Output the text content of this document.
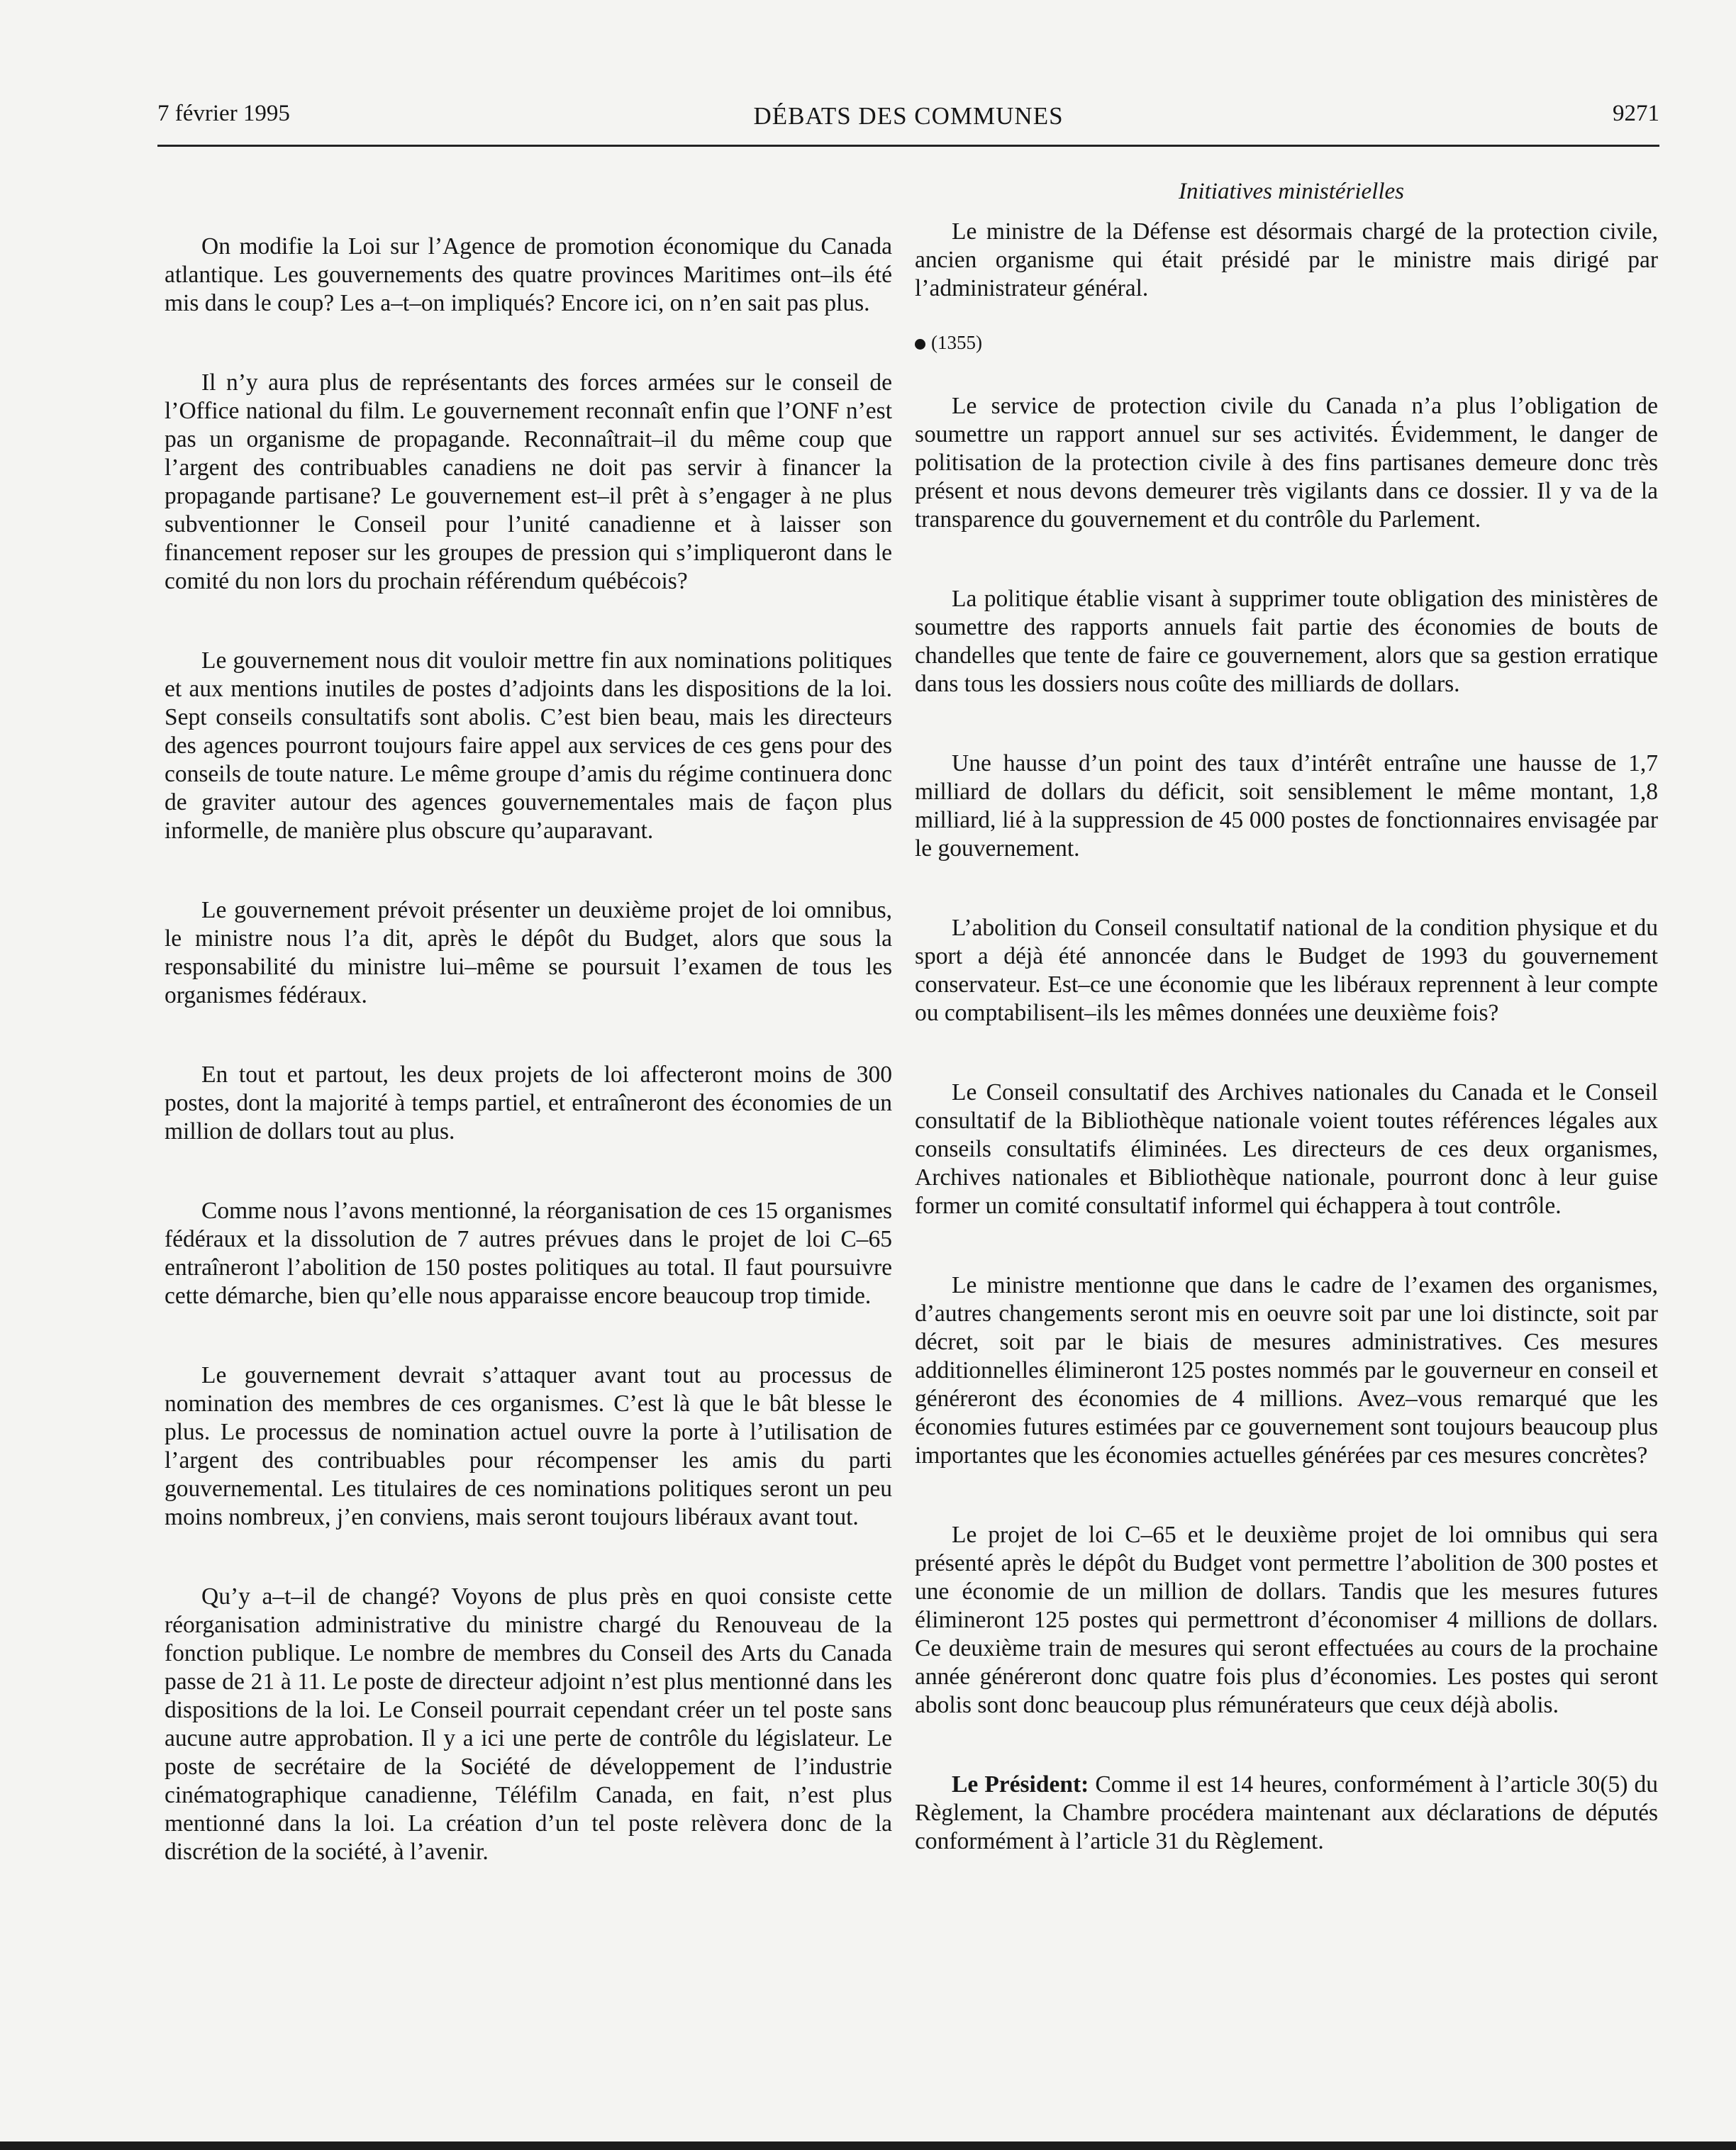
7 février 1995	DÉBATS DES COMMUNES	9271

On modifie la Loi sur l’Agence de promotion économique du Canada atlantique. Les gouvernements des quatre provinces Maritimes ont–ils été mis dans le coup? Les a–t–on impliqués? Encore ici, on n’en sait pas plus.

Il n’y aura plus de représentants des forces armées sur le conseil de l’Office national du film. Le gouvernement reconnaît enfin que l’ONF n’est pas un organisme de propagande. Reconnaîtrait–il du même coup que l’argent des contribuables canadiens ne doit pas servir à financer la propagande partisane? Le gouvernement est–il prêt à s’engager à ne plus subventionner le Conseil pour l’unité canadienne et à laisser son financement reposer sur les groupes de pression qui s’impliqueront dans le comité du non lors du prochain référendum québécois?

Le gouvernement nous dit vouloir mettre fin aux nominations politiques et aux mentions inutiles de postes d’adjoints dans les dispositions de la loi. Sept conseils consultatifs sont abolis. C’est bien beau, mais les directeurs des agences pourront toujours faire appel aux services de ces gens pour des conseils de toute nature. Le même groupe d’amis du régime continuera donc de graviter autour des agences gouvernementales mais de façon plus informelle, de manière plus obscure qu’auparavant.

Le gouvernement prévoit présenter un deuxième projet de loi omnibus, le ministre nous l’a dit, après le dépôt du Budget, alors que sous la responsabilité du ministre lui–même se poursuit l’examen de tous les organismes fédéraux.

En tout et partout, les deux projets de loi affecteront moins de 300 postes, dont la majorité à temps partiel, et entraîneront des économies de un million de dollars tout au plus.

Comme nous l’avons mentionné, la réorganisation de ces 15 organismes fédéraux et la dissolution de 7 autres prévues dans le projet de loi C–65 entraîneront l’abolition de 150 postes politiques au total. Il faut poursuivre cette démarche, bien qu’elle nous apparaisse encore beaucoup trop timide.

Le gouvernement devrait s’attaquer avant tout au processus de nomination des membres de ces organismes. C’est là que le bât blesse le plus. Le processus de nomination actuel ouvre la porte à l’utilisation de l’argent des contribuables pour récompenser les amis du parti gouvernemental. Les titulaires de ces nominations politiques seront un peu moins nombreux, j’en conviens, mais seront toujours libéraux avant tout.

Qu’y a–t–il de changé? Voyons de plus près en quoi consiste cette réorganisation administrative du ministre chargé du Renouveau de la fonction publique. Le nombre de membres du Conseil des Arts du Canada passe de 21 à 11. Le poste de directeur adjoint n’est plus mentionné dans les dispositions de la loi. Le Conseil pourrait cependant créer un tel poste sans aucune autre approbation. Il y a ici une perte de contrôle du législateur. Le poste de secrétaire de la Société de développement de l’industrie cinématographique canadienne, Téléfilm Canada, en fait, n’est plus mentionné dans la loi. La création d’un tel poste relèvera donc de la discrétion de la société, à l’avenir.

Initiatives ministérielles

Le ministre de la Défense est désormais chargé de la protection civile, ancien organisme qui était présidé par le ministre mais dirigé par l’administrateur général.

(1355)

Le service de protection civile du Canada n’a plus l’obligation de soumettre un rapport annuel sur ses activités. Évidemment, le danger de politisation de la protection civile à des fins partisanes demeure donc très présent et nous devons demeurer très vigilants dans ce dossier. Il y va de la transparence du gouvernement et du contrôle du Parlement.

La politique établie visant à supprimer toute obligation des ministères de soumettre des rapports annuels fait partie des économies de bouts de chandelles que tente de faire ce gouvernement, alors que sa gestion erratique dans tous les dossiers nous coûte des milliards de dollars.

Une hausse d’un point des taux d’intérêt entraîne une hausse de 1,7 milliard de dollars du déficit, soit sensiblement le même montant, 1,8 milliard, lié à la suppression de 45 000 postes de fonctionnaires envisagée par le gouvernement.

L’abolition du Conseil consultatif national de la condition physique et du sport a déjà été annoncée dans le Budget de 1993 du gouvernement conservateur. Est–ce une économie que les libéraux reprennent à leur compte ou comptabilisent–ils les mêmes données une deuxième fois?

Le Conseil consultatif des Archives nationales du Canada et le Conseil consultatif de la Bibliothèque nationale voient toutes références légales aux conseils consultatifs éliminées. Les directeurs de ces deux organismes, Archives nationales et Bibliothèque nationale, pourront donc à leur guise former un comité consultatif informel qui échappera à tout contrôle.

Le ministre mentionne que dans le cadre de l’examen des organismes, d’autres changements seront mis en oeuvre soit par une loi distincte, soit par décret, soit par le biais de mesures administratives. Ces mesures additionnelles élimineront 125 postes nommés par le gouverneur en conseil et généreront des économies de 4 millions. Avez–vous remarqué que les économies futures estimées par ce gouvernement sont toujours beaucoup plus importantes que les économies actuelles générées par ces mesures concrètes?

Le projet de loi C–65 et le deuxième projet de loi omnibus qui sera présenté après le dépôt du Budget vont permettre l’abolition de 300 postes et une économie de un million de dollars. Tandis que les mesures futures élimineront 125 postes qui permettront d’économiser 4 millions de dollars. Ce deuxième train de mesures qui seront effectuées au cours de la prochaine année généreront donc quatre fois plus d’économies. Les postes qui seront abolis sont donc beaucoup plus rémunérateurs que ceux déjà abolis.

Le Président: Comme il est 14 heures, conformément à l’article 30(5) du Règlement, la Chambre procédera maintenant aux déclarations de députés conformément à l’article 31 du Règlement.
